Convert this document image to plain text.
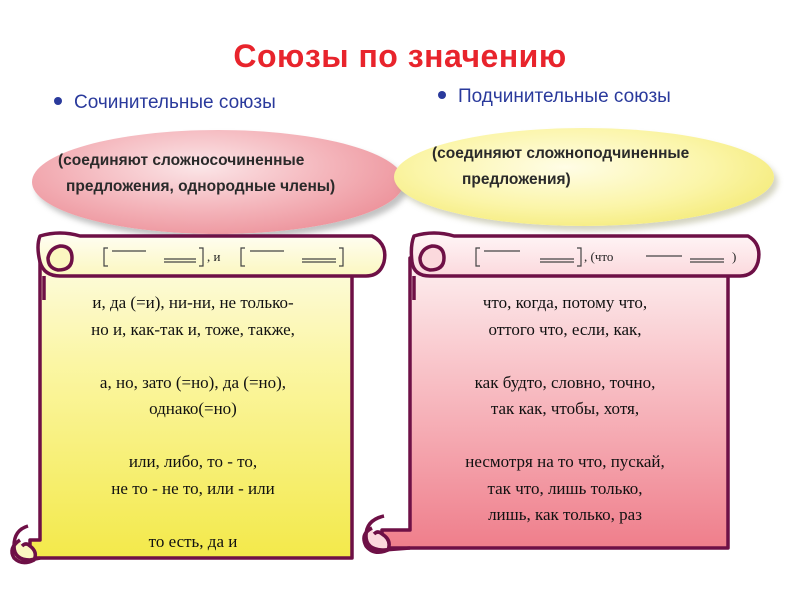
Союзы по значению
Сочинительные союзы	Подчинительные союзы
(соединяют сложносочиненные
предложения, однородные члены)
(соединяют сложноподчиненные
предложения)
, и	, (что	)
и, да (=и), ни-ни, не только-
но и, как-так и, тоже, также,
а, но, зато (=но), да (=но),
однако(=но)
или, либо, то - то,
не то - не то, или - или
то есть, да и
что, когда, потому что,
оттого что, если, как,
как будто, словно, точно,
так как, чтобы, хотя,
несмотря на то что, пускай,
так что, лишь только,
лишь, как только, раз
